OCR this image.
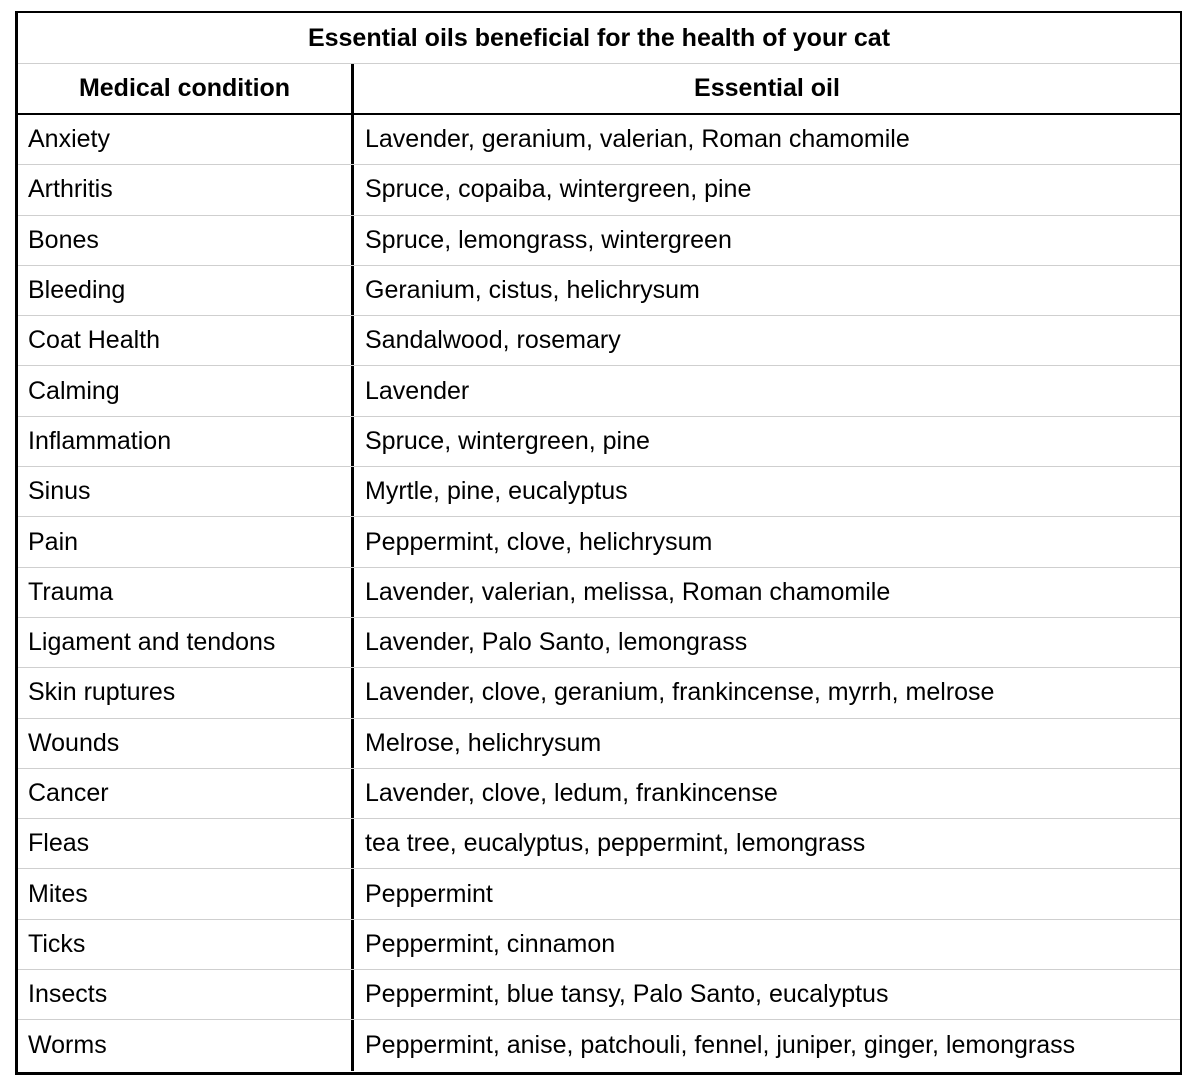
Essential oils beneficial for the health of your cat
Medical condition	Essential oil
Anxiety	Lavender, geranium, valerian, Roman chamomile
Arthritis	Spruce, copaiba, wintergreen, pine
Bones	Spruce, lemongrass, wintergreen
Bleeding	Geranium, cistus, helichrysum
Coat Health	Sandalwood, rosemary
Calming	Lavender
Inflammation	Spruce, wintergreen, pine
Sinus	Myrtle, pine, eucalyptus
Pain	Peppermint, clove, helichrysum
Trauma	Lavender, valerian, melissa, Roman chamomile
Ligament and tendons	Lavender, Palo Santo, lemongrass
Skin ruptures	Lavender, clove, geranium, frankincense, myrrh, melrose
Wounds	Melrose, helichrysum
Cancer	Lavender, clove, ledum, frankincense
Fleas	tea tree, eucalyptus, peppermint, lemongrass
Mites	Peppermint
Ticks	Peppermint, cinnamon
Insects	Peppermint, blue tansy, Palo Santo, eucalyptus
Worms	Peppermint, anise, patchouli, fennel, juniper, ginger, lemongrass
